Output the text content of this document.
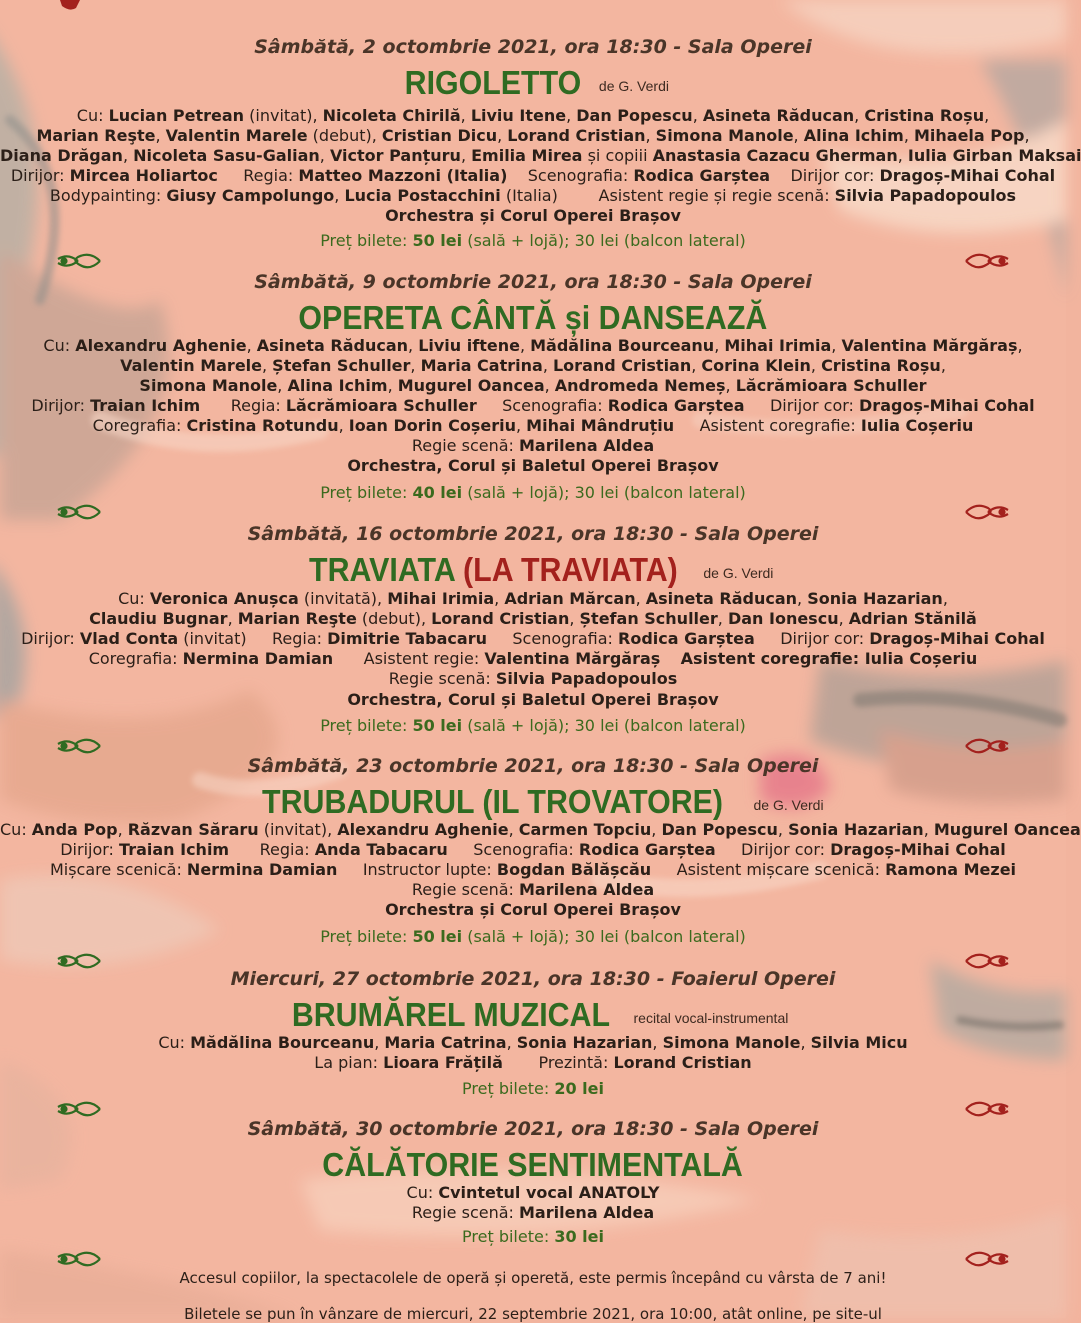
Sâmbătă, 2 octombrie 2021, ora 18:30 - Sala Operei
RIGOLETTO de G. Verdi
Cu: Lucian Petrean (invitat), Nicoleta Chirilă, Liviu Itene, Dan Popescu, Asineta Răducan, Cristina Roșu,
Marian Reşte, Valentin Marele (debut), Cristian Dicu, Lorand Cristian, Simona Manole, Alina Ichim, Mihaela Pop,
Diana Drăgan, Nicoleta Sasu-Galian, Victor Panțuru, Emilia Mirea și copiii Anastasia Cazacu Gherman, Iulia Girban Maksai
Dirijor: Mircea Holiartoc     Regia: Matteo Mazzoni (Italia)    Scenografia: Rodica Garștea    Dirijor cor: Dragoș-Mihai Cohal
Bodypainting: Giusy Campolungo, Lucia Postacchini (Italia)        Asistent regie și regie scenă: Silvia Papadopoulos
Orchestra și Corul Operei Brașov
Preț bilete: 50 lei (sală + lojă); 30 lei (balcon lateral)
Sâmbătă, 9 octombrie 2021, ora 18:30 - Sala Operei
OPERETA CÂNTĂ și DANSEAZĂ
Cu: Alexandru Aghenie, Asineta Răducan, Liviu iftene, Mădălina Bourceanu, Mihai Irimia, Valentina Mărgăraș,
Valentin Marele, Ștefan Schuller, Maria Catrina, Lorand Cristian, Corina Klein, Cristina Roșu,
Simona Manole, Alina Ichim, Mugurel Oancea, Andromeda Nemeș, Lăcrămioara Schuller
Dirijor: Traian Ichim      Regia: Lăcrămioara Schuller     Scenografia: Rodica Garștea     Dirijor cor: Dragoș-Mihai Cohal
Coregrafia: Cristina Rotundu, Ioan Dorin Coșeriu, Mihai Mândruțiu     Asistent coregrafie: Iulia Coșeriu
Regie scenă: Marilena Aldea
Orchestra, Corul și Baletul Operei Brașov
Preț bilete: 40 lei (sală + lojă); 30 lei (balcon lateral)
Sâmbătă, 16 octombrie 2021, ora 18:30 - Sala Operei
TRAVIATA (LA TRAVIATA) de G. Verdi
Cu: Veronica Anușca (invitată), Mihai Irimia, Adrian Mărcan, Asineta Răducan, Sonia Hazarian,
Claudiu Bugnar, Marian Reşte (debut), Lorand Cristian, Ștefan Schuller, Dan Ionescu, Adrian Stănilă
Dirijor: Vlad Conta (invitat)     Regia: Dimitrie Tabacaru     Scenografia: Rodica Garștea     Dirijor cor: Dragoș-Mihai Cohal
Coregrafia: Nermina Damian      Asistent regie: Valentina Mărgăraș Asistent coregrafie: Iulia Coșeriu
Regie scenă: Silvia Papadopoulos
Orchestra, Corul și Baletul Operei Brașov
Preț bilete: 50 lei (sală + lojă); 30 lei (balcon lateral)
Sâmbătă, 23 octombrie 2021, ora 18:30 - Sala Operei
TRUBADURUL (IL TROVATORE) de G. Verdi
Cu: Anda Pop, Răzvan Săraru (invitat), Alexandru Aghenie, Carmen Topciu, Dan Popescu, Sonia Hazarian, Mugurel Oancea
Dirijor: Traian Ichim      Regia: Anda Tabacaru     Scenografia: Rodica Garștea     Dirijor cor: Dragoș-Mihai Cohal
Mișcare scenică: Nermina Damian     Instructor lupte: Bogdan Bălășcău     Asistent mișcare scenică: Ramona Mezei
Regie scenă: Marilena Aldea
Orchestra și Corul Operei Brașov
Preț bilete: 50 lei (sală + lojă); 30 lei (balcon lateral)
Miercuri, 27 octombrie 2021, ora 18:30 - Foaierul Operei
BRUMĂREL MUZICAL recital vocal-instrumental
Cu: Mădălina Bourceanu, Maria Catrina, Sonia Hazarian, Simona Manole, Silvia Micu
La pian: Lioara Frățilă       Prezintă: Lorand Cristian
Preț bilete: 20 lei
Sâmbătă, 30 octombrie 2021, ora 18:30 - Sala Operei
CĂLĂTORIE SENTIMENTALĂ
Cu: Cvintetul vocal ANATOLY
Regie scenă: Marilena Aldea
Preț bilete: 30 lei
Accesul copiilor, la spectacolele de operă și operetă, este permis începând cu vârsta de 7 ani!
Biletele se pun în vânzare de miercuri, 22 septembrie 2021, ora 10:00, atât online, pe site-ul
